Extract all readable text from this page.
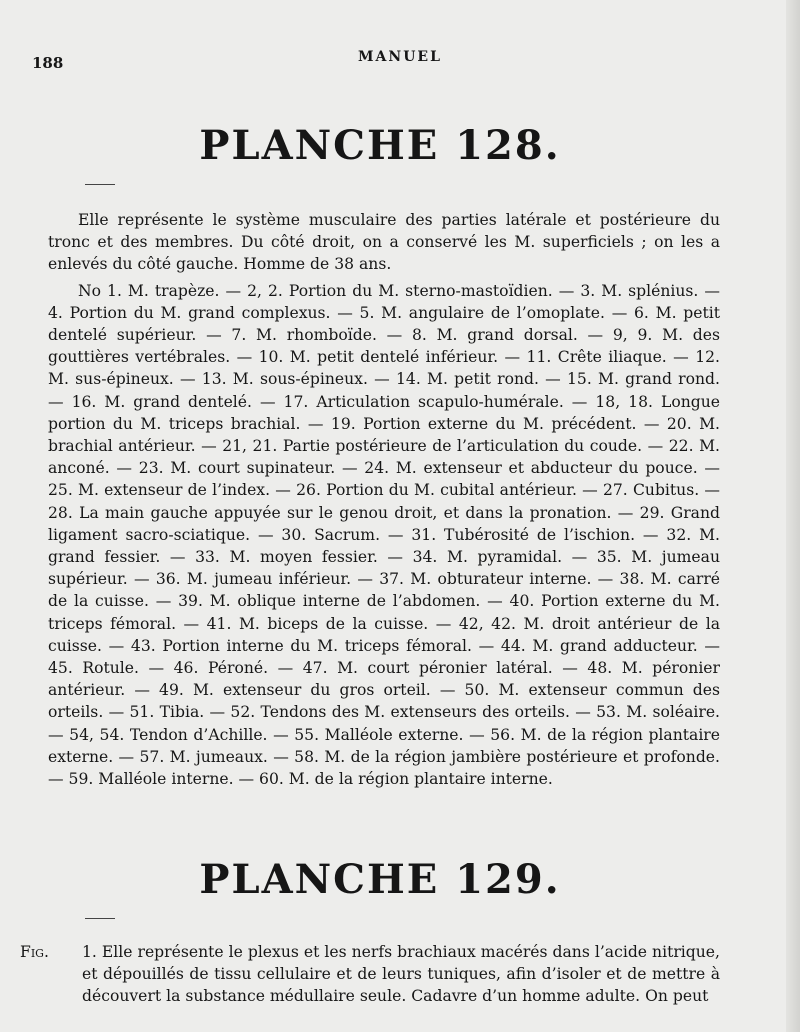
188	MANUEL
PLANCHE 128.

Elle représente le système musculaire des parties latérale et postérieure du tronc et des membres. Du côté droit, on a conservé les M. superficiels ; on les a enlevés du côté gauche. Homme de 38 ans.

No 1. M. trapèze. — 2, 2. Portion du M. sterno-mastoïdien. — 3. M. splénius. — 4. Portion du M. grand complexus. — 5. M. angulaire de l’omoplate. — 6. M. petit dentelé supérieur. — 7. M. rhomboïde. — 8. M. grand dorsal. — 9, 9. M. des gouttières vertébrales. — 10. M. petit dentelé inférieur. — 11. Crête iliaque. — 12. M. sus-épineux. — 13. M. sous-épineux. — 14. M. petit rond. — 15. M. grand rond. — 16. M. grand dentelé. — 17. Articulation scapulo-humérale. — 18, 18. Longue portion du M. triceps brachial. — 19. Portion externe du M. précédent. — 20. M. brachial antérieur. — 21, 21. Partie postérieure de l’articulation du coude. — 22. M. anconé. — 23. M. court supinateur. — 24. M. extenseur et abducteur du pouce. — 25. M. extenseur de l’index. — 26. Portion du M. cubital antérieur. — 27. Cubitus. — 28. La main gauche appuyée sur le genou droit, et dans la pronation. — 29. Grand ligament sacro-sciatique. — 30. Sacrum. — 31. Tubérosité de l’ischion. — 32. M. grand fessier. — 33. M. moyen fessier. — 34. M. pyramidal. — 35. M. jumeau supérieur. — 36. M. jumeau inférieur. — 37. M. obturateur interne. — 38. M. carré de la cuisse. — 39. M. oblique interne de l’abdomen. — 40. Portion externe du M. triceps fémoral. — 41. M. biceps de la cuisse. — 42, 42. M. droit antérieur de la cuisse. — 43. Portion interne du M. triceps fémoral. — 44. M. grand adducteur. — 45. Rotule. — 46. Péroné. — 47. M. court péronier latéral. — 48. M. péronier antérieur. — 49. M. extenseur du gros orteil. — 50. M. extenseur commun des orteils. — 51. Tibia. — 52. Tendons des M. extenseurs des orteils. — 53. M. soléaire. — 54, 54. Tendon d’Achille. — 55. Malléole externe. — 56. M. de la région plantaire externe. — 57. M. jumeaux. — 58. M. de la région jambière postérieure et profonde. — 59. Malléole interne. — 60. M. de la région plantaire interne.

PLANCHE 129.
Fig. 1. Elle représente le plexus et les nerfs brachiaux macérés dans l’acide nitrique, et dépouillés de tissu cellulaire et de leurs tuniques, afin d’isoler et de mettre à découvert la substance médullaire seule. Cadavre d’un homme adulte. On peut
